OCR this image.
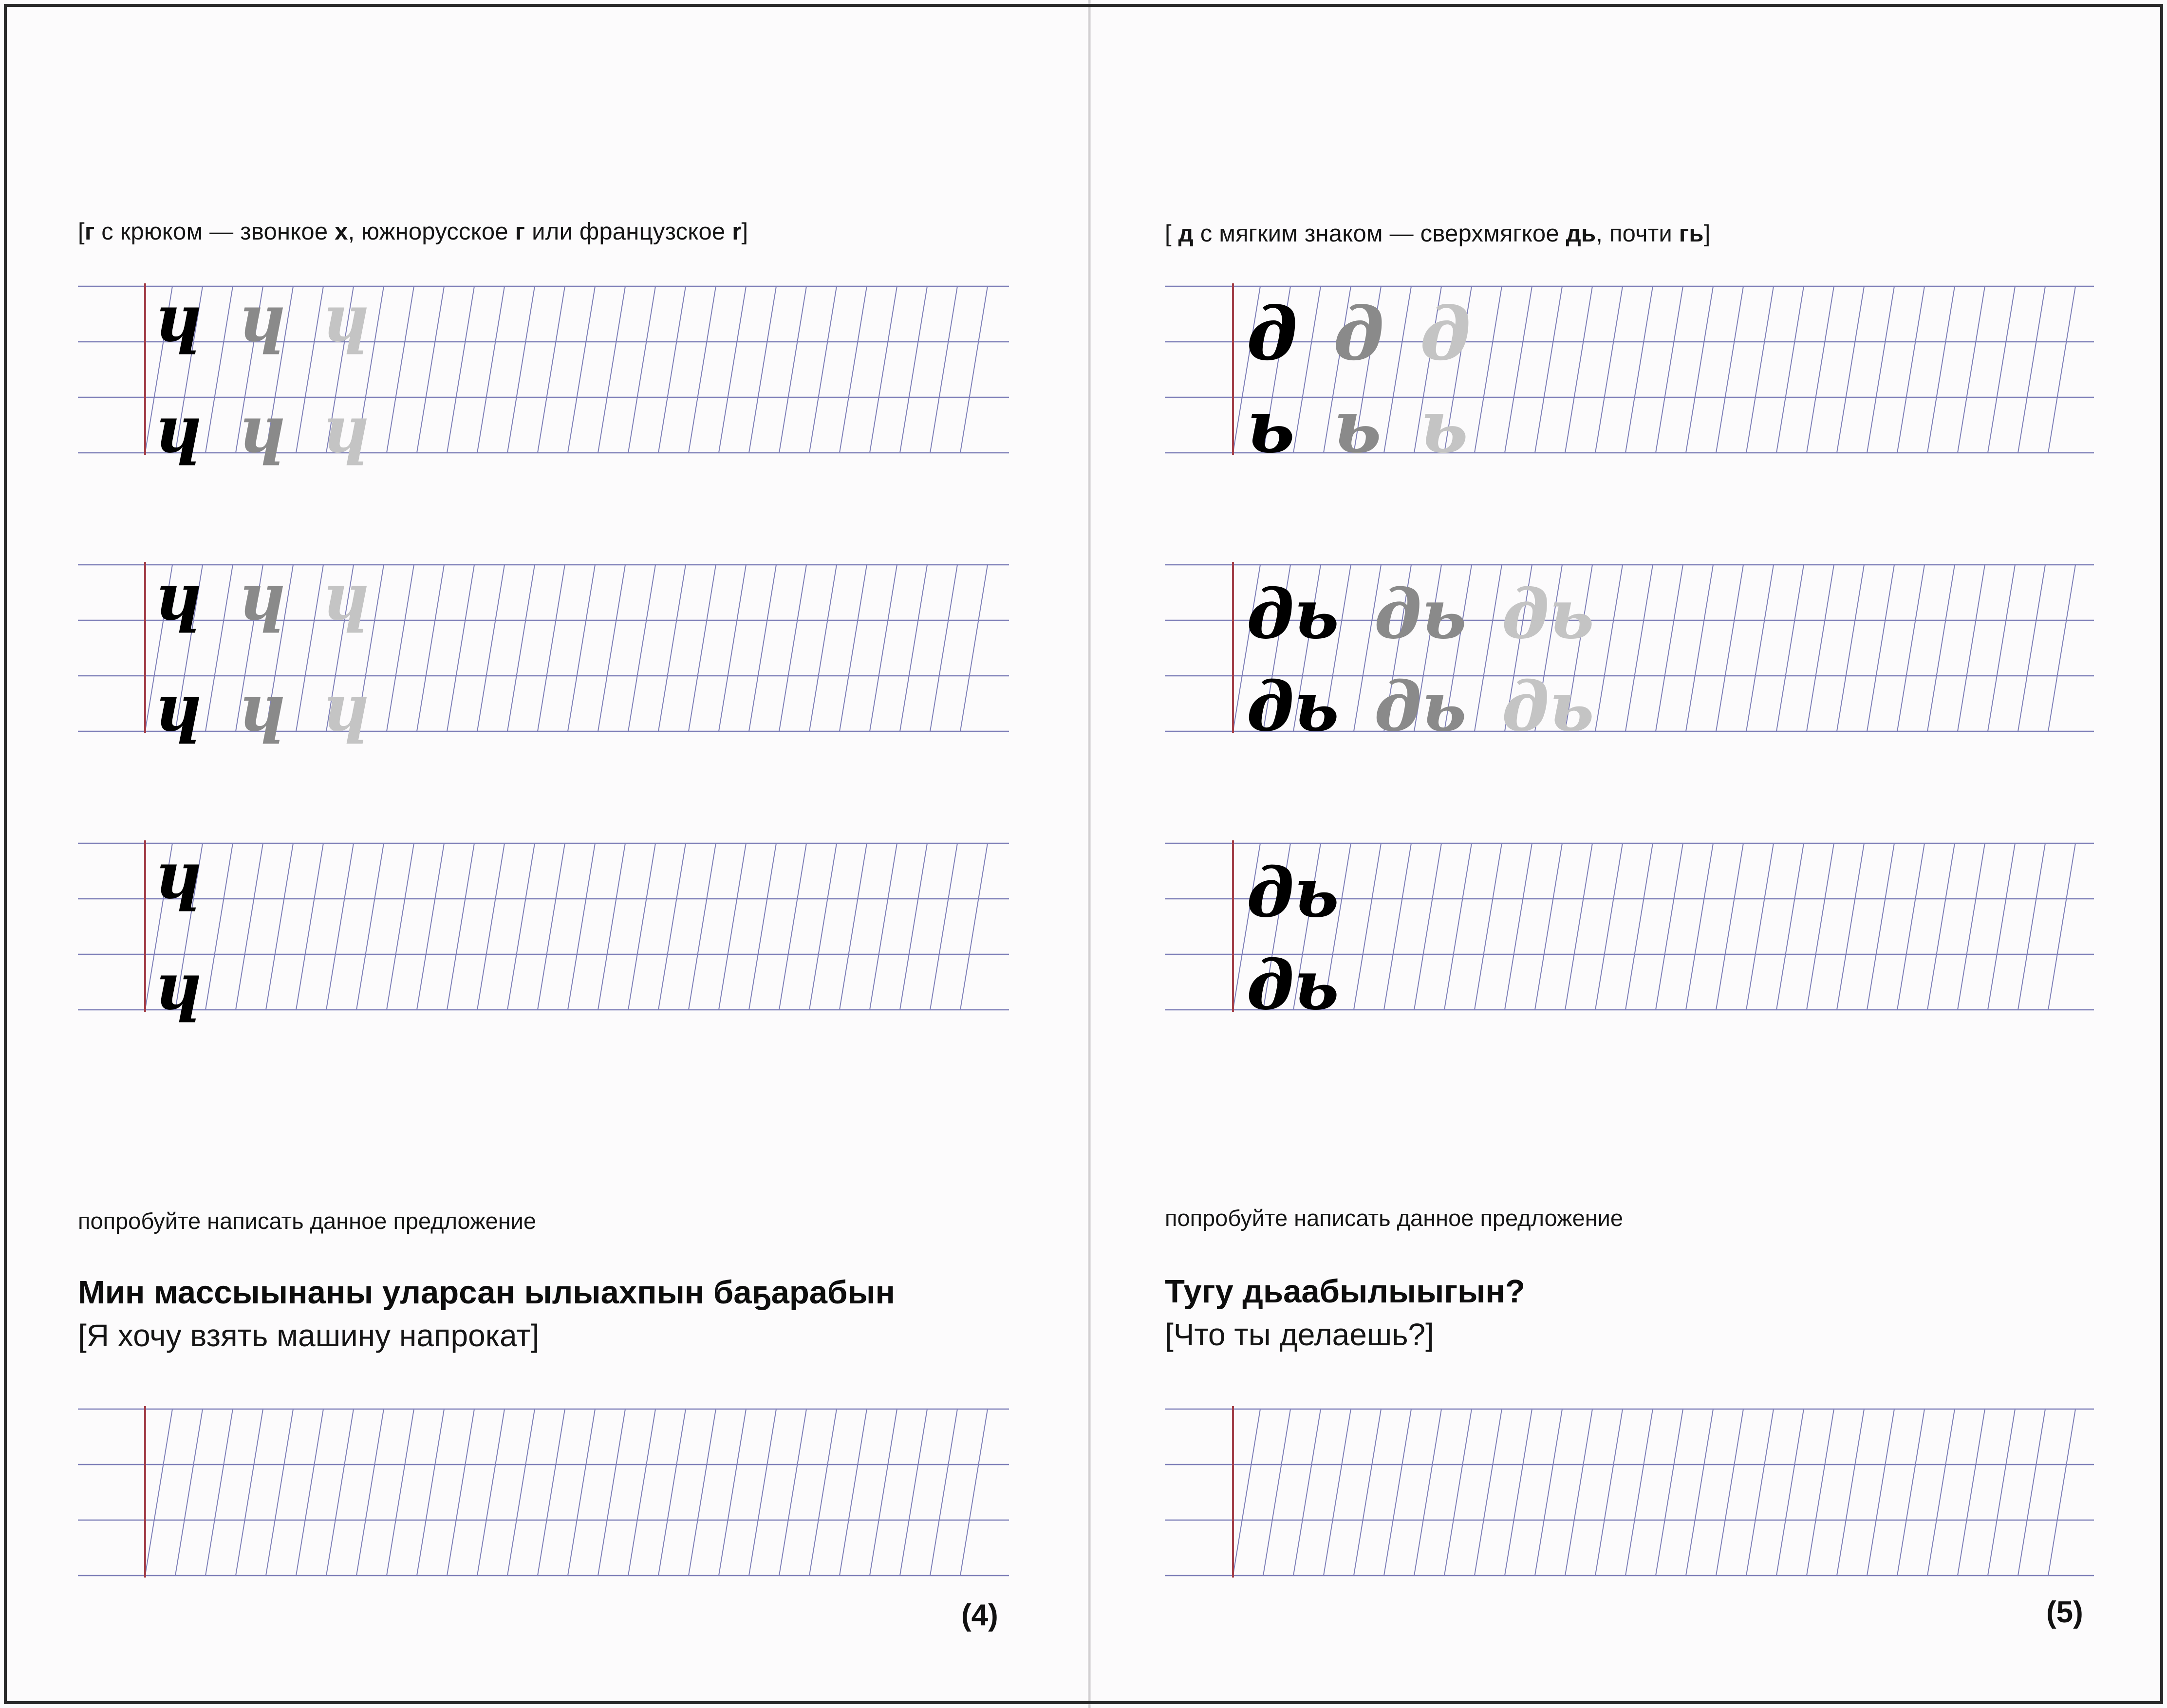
[г с крюком — звонкое х, южнорусское г или французское r]
попробуйте написать данное предложение
Мин массыынаны уларсан ылыахпын баҕарабын
[Я хочу взять машину напрокат]
(4)
[ д с мягким знаком — сверхмягкое дь, почти гь]
попробуйте написать данное предложение
Тугу дьаабылыыгын?
[Что ты делаешь?]
(5)
ɥ ɥ ɥ
ɥ ɥ ɥ
ɥ ɥ ɥ
ɥ ɥ ɥ
ɥ
ɥ
д д д
ь ь ь
дь дь дь
дь дь дь
дь
дь
